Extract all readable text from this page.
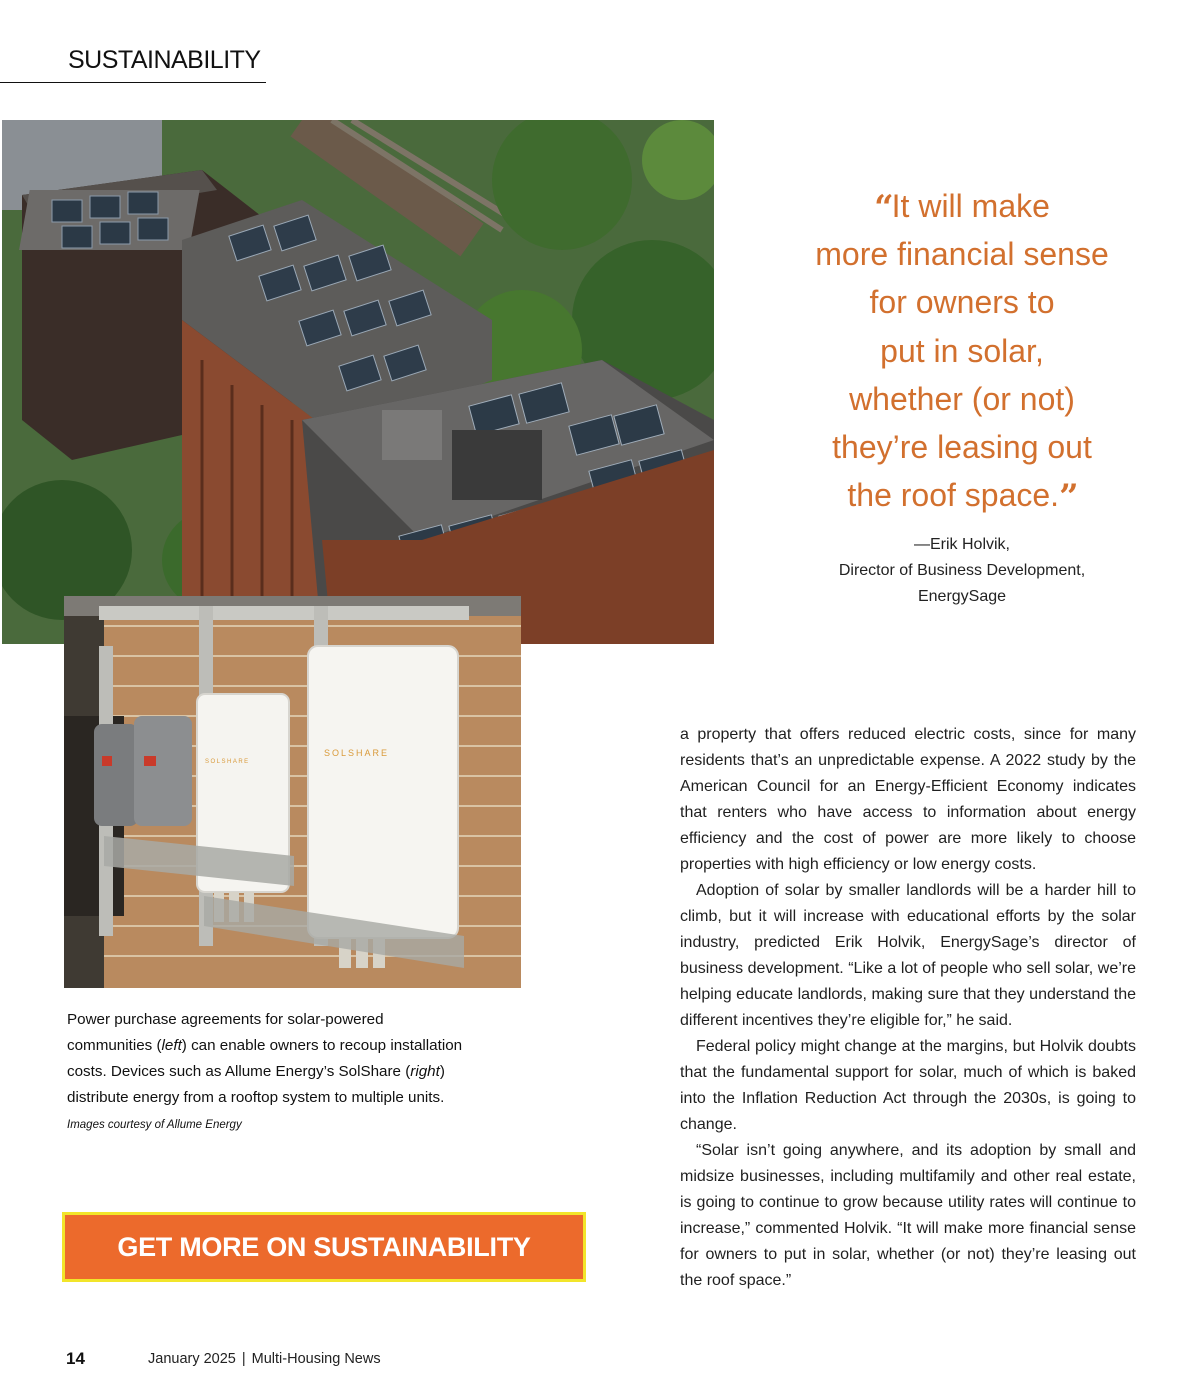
SUSTAINABILITY
SOLSHARE
SOLSHARE
“It will make
more financial sense
for owners to
put in solar,
whether (or not)
they’re leasing out
the roof space.”
—Erik Holvik,
Director of Business Development,
EnergySage
Power purchase agreements for solar-powered communities (left) can enable owners to recoup installation costs. Devices such as Allume Energy’s SolShare (right) distribute energy from a rooftop system to multiple units. Images courtesy of Allume Energy
GET MORE ON SUSTAINABILITY

a property that offers reduced electric costs, since for many residents that’s an unpredictable expense. A 2022 study by the American Council for an Energy-Efficient Economy indicates that renters who have access to information about energy efficiency and the cost of power are more likely to choose properties with high efficiency or low energy costs.

Adoption of solar by smaller landlords will be a harder hill to climb, but it will increase with educational efforts by the solar industry, predicted Erik Holvik, EnergySage’s director of business development. “Like a lot of people who sell solar, we’re helping educate landlords, making sure that they understand the different incentives they’re eligible for,” he said.

Federal policy might change at the margins, but Holvik doubts that the fundamental support for solar, much of which is baked into the Inflation Reduction Act through the 2030s, is going to change.

“Solar isn’t going anywhere, and its adoption by small and midsize businesses, including multifamily and other real estate, is going to continue to grow because utility rates will continue to increase,” commented Holvik. “It will make more financial sense for owners to put in solar, whether (or not) they’re leasing out the roof space.”

14	January 2025 | Multi-Housing News
